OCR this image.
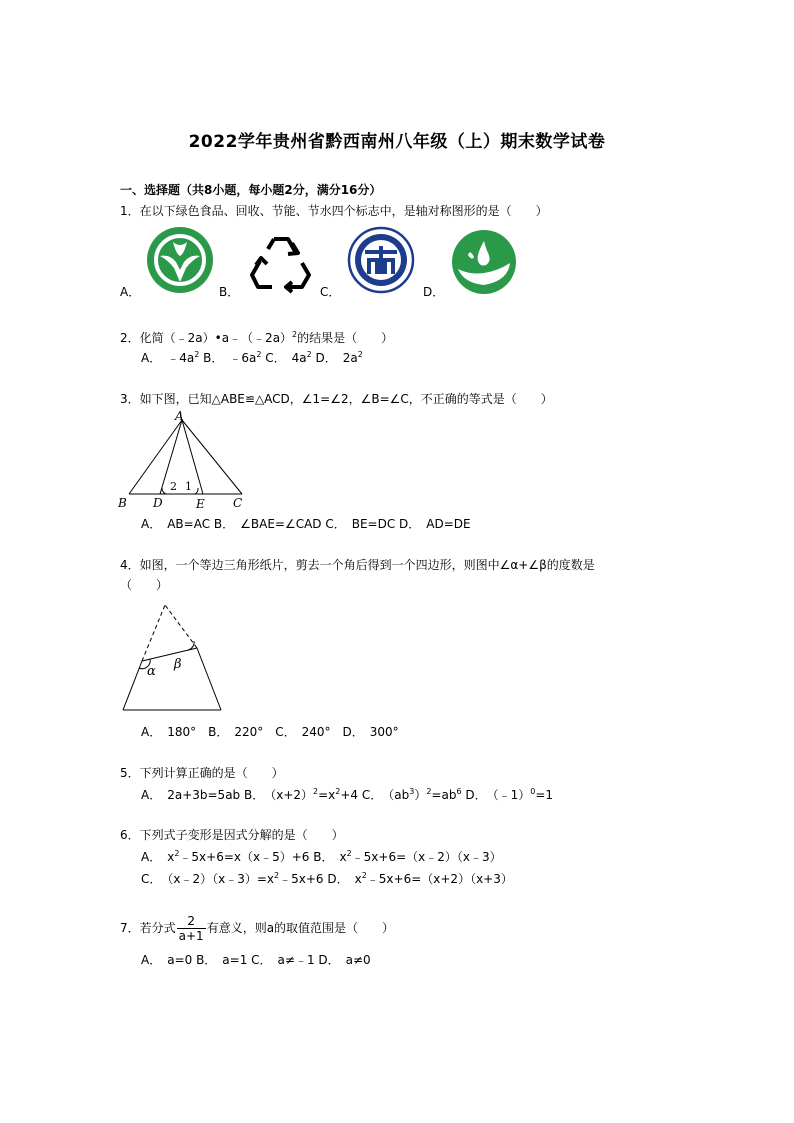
2022学年贵州省黔西南州八年级（上）期末数学试卷
一、选择题（共8小题，每小题2分，满分16分）
1．在以下绿色食品、回收、节能、节水四个标志中，是轴对称图形的是（　　）
A．	B．	C．	D．
2．化简（﹣2a）•a﹣（﹣2a）$^2$的结果是（　　）
A．　$﹣4a^2$ B．　$﹣6a^2$ C．　$4a^2$ D．　$2a^2$
3．如下图，已知△ABE≌△ACD，∠1=∠2，∠B=∠C，不正确的等式是（　　）
A
B D	E C
2 1
A．　AB=AC B．　∠BAE=∠CAD C．　BE=DC D．　AD=DE
4．如图，一个等边三角形纸片，剪去一个角后得到一个四边形，则图中∠α+∠β的度数是
（　　）
α β
A．　180°　B．　220°　C．　240°　D．　300°
5．下列计算正确的是（　　）
A．　2a+3b=5ab B．　$(x+2)^2=x^2+4$ C．　$(ab^3)^2=ab^6$ D．　（﹣1）$^0$=1
6．下列式子变形是因式分解的是（　　）
A．　$x^2﹣5x+6=x(x﹣5)+6$ B．　$x^2﹣5x+6=(x﹣2)(x﹣3)$
C．　$(x﹣2)(x﹣3)=x^2﹣5x+6$ D．　$x^2﹣5x+6=(x+2)(x+3)$
7．若分式 $\frac{2}{a+1}$ 有意义，则a的取值范围是（　　）
A．　a=0 B．　a=1 C．　a≠﹣1 D．　a≠0
